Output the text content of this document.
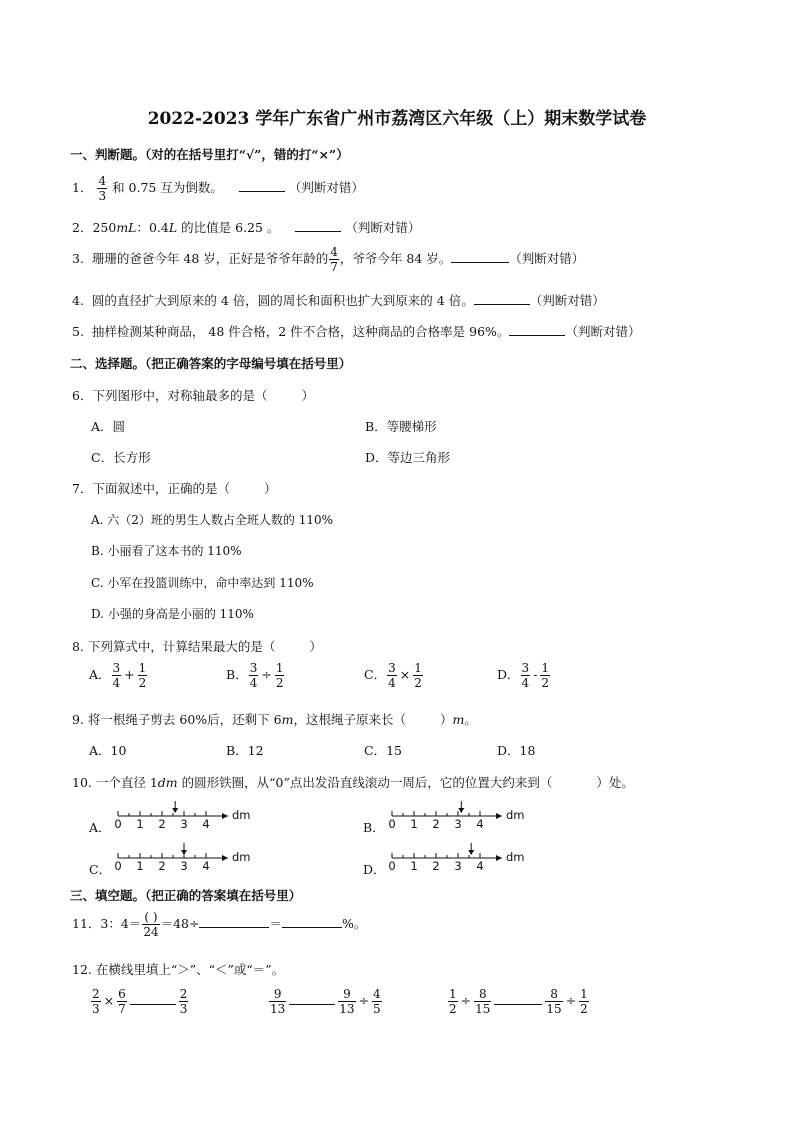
2022-2023 学年广东省广州市荔湾区六年级（上）期末数学试卷
一、判断题。（对的在括号里打“√”，错的打“×”）
1． $\frac{4}{3}$ 和 0.75 互为倒数。	（判断对错）
2．250mL：0.4L 的比值是 6.25 。	（判断对错）
3. 珊珊的爸爸今年 48 岁，正好是爷爷年龄的 $\frac{4}{7}$ ，爷爷今年 84 岁。	（判断对错）
4. 圆的直径扩大到原来的 4 倍，圆的周长和面积也扩大到原来的 4 倍。	（判断对错）
5. 抽样检测某种商品， 48 件合格，2 件不合格，这种商品的合格率是 96%。	（判断对错）
二、选择题。（把正确答案的字母编号填在括号里）
6．下列图形中，对称轴最多的是（	）
A．圆	B．等腰梯形
C．长方形	D．等边三角形
7．下面叙述中，正确的是（	）
A. 六（2）班的男生人数占全班人数的 110%
B. 小丽看了这本书的 110%
C. 小军在投篮训练中，命中率达到 110%
D. 小强的身高是小丽的 110%
8. 下列算式中，计算结果最大的是（	）
A． $\frac{3}{4} + \frac{1}{2}$	B． $\frac{3}{4} \div \frac{1}{2}$	C． $\frac{3}{4} \times \frac{1}{2}$	D． $\frac{3}{4} - \frac{1}{2}$
9. 将一根绳子剪去 60%后，还剩下 6m，这根绳子原来长（	）m。
A．10	B．12	C．15	D．18
10. 一个直径 1dm 的圆形铁圈，从“0”点出发沿直线滚动一周后，它的位置大约来到（	）处。
A．	B．
C．	D．
0 1 2 3 4
dm
0 1 2 3 4
dm
0 1 2 3 4
dm
0 1 2 3 4
dm
三、填空题。（把正确的答案填在括号里）
11．3：$4= \frac{( )}{24} =48\div$	＝	%。
12. 在横线里填上“＞”、“＜”或“＝”。
$\frac{2}{3} \times \frac{6}{7}$	$\frac{2}{3}$	$\frac{9}{13}$	$\frac{9}{13} \div \frac{4}{5}$	$\frac{1}{2} \div \frac{8}{15}$	$\frac{8}{15} \div \frac{1}{2}$
